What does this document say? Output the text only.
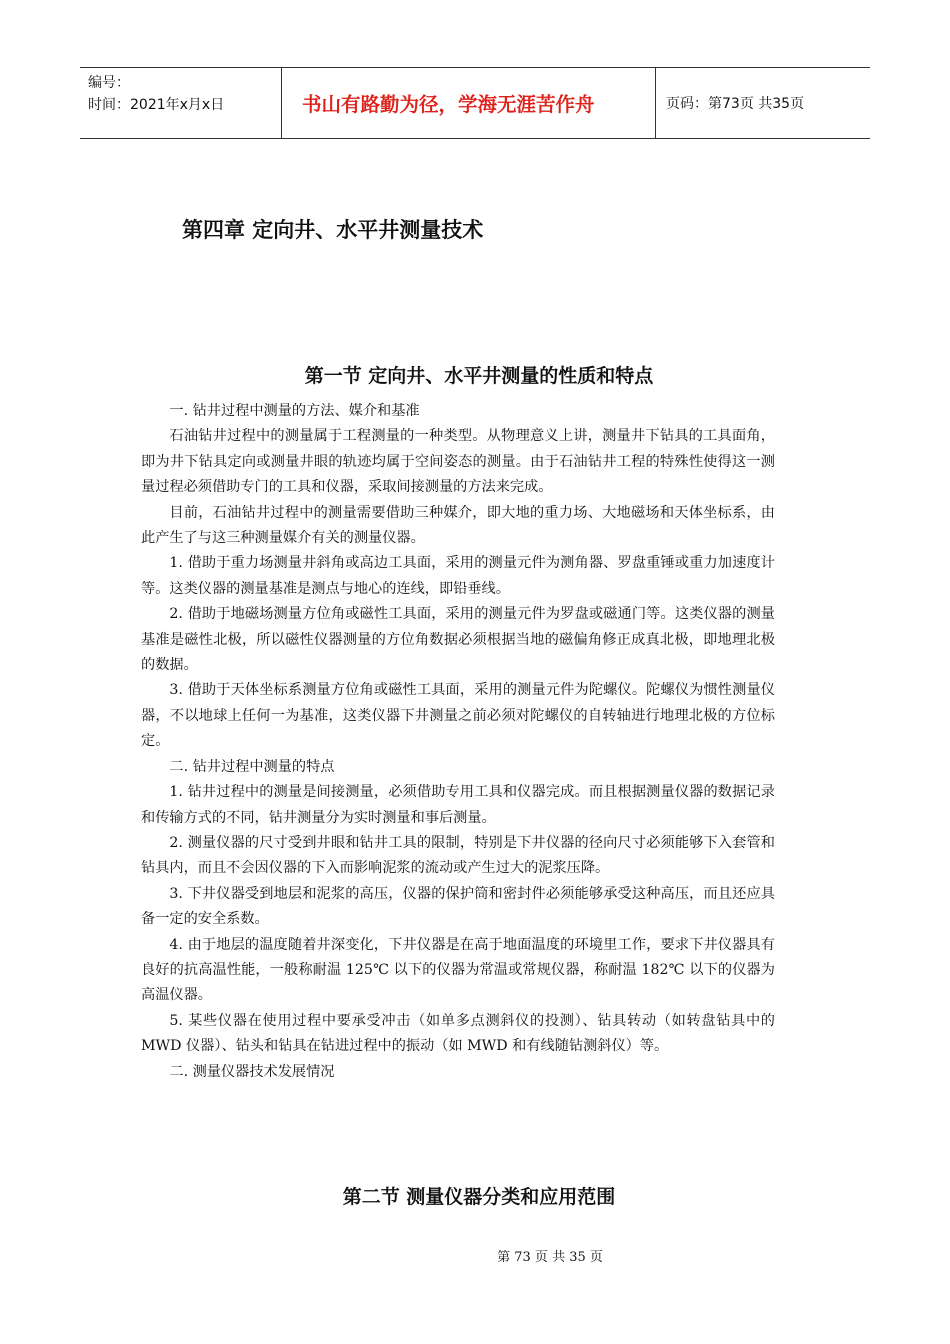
编号：
时间：2021年x月x日	书山有路勤为径，学海无涯苦作舟	页码：第73页 共35页
第四章 定向井、水平井测量技术
第一节 定向井、水平井测量的性质和特点

一. 钻井过程中测量的方法、媒介和基准

石油钻井过程中的测量属于工程测量的一种类型。从物理意义上讲，测量井下钻具的工具面角，即为井下钻具定向或测量井眼的轨迹均属于空间姿态的测量。由于石油钻井工程的特殊性使得这一测量过程必须借助专门的工具和仪器，采取间接测量的方法来完成。

目前，石油钻井过程中的测量需要借助三种媒介，即大地的重力场、大地磁场和天体坐标系，由此产生了与这三种测量媒介有关的测量仪器。

1. 借助于重力场测量井斜角或高边工具面，采用的测量元件为测角器、罗盘重锤或重力加速度计等。这类仪器的测量基准是测点与地心的连线，即铅垂线。

2. 借助于地磁场测量方位角或磁性工具面，采用的测量元件为罗盘或磁通门等。这类仪器的测量基准是磁性北极，所以磁性仪器测量的方位角数据必须根据当地的磁偏角修正成真北极，即地理北极的数据。

3. 借助于天体坐标系测量方位角或磁性工具面，采用的测量元件为陀螺仪。陀螺仪为惯性测量仪器，不以地球上任何一为基准，这类仪器下井测量之前必须对陀螺仪的自转轴进行地理北极的方位标定。

二. 钻井过程中测量的特点

1. 钻井过程中的测量是间接测量，必须借助专用工具和仪器完成。而且根据测量仪器的数据记录和传输方式的不同，钻井测量分为实时测量和事后测量。

2. 测量仪器的尺寸受到井眼和钻井工具的限制，特别是下井仪器的径向尺寸必须能够下入套管和钻具内，而且不会因仪器的下入而影响泥浆的流动或产生过大的泥浆压降。

3. 下井仪器受到地层和泥浆的高压，仪器的保护筒和密封件必须能够承受这种高压，而且还应具备一定的安全系数。

4. 由于地层的温度随着井深变化，下井仪器是在高于地面温度的环境里工作，要求下井仪器具有良好的抗高温性能，一般称耐温 125℃ 以下的仪器为常温或常规仪器，称耐温 182℃ 以下的仪器为高温仪器。

5. 某些仪器在使用过程中要承受冲击（如单多点测斜仪的投测）、钻具转动（如转盘钻具中的 MWD 仪器）、钻头和钻具在钻进过程中的振动（如 MWD 和有线随钻测斜仪）等。

二. 测量仪器技术发展情况

第二节 测量仪器分类和应用范围
第 73 页 共 35 页
